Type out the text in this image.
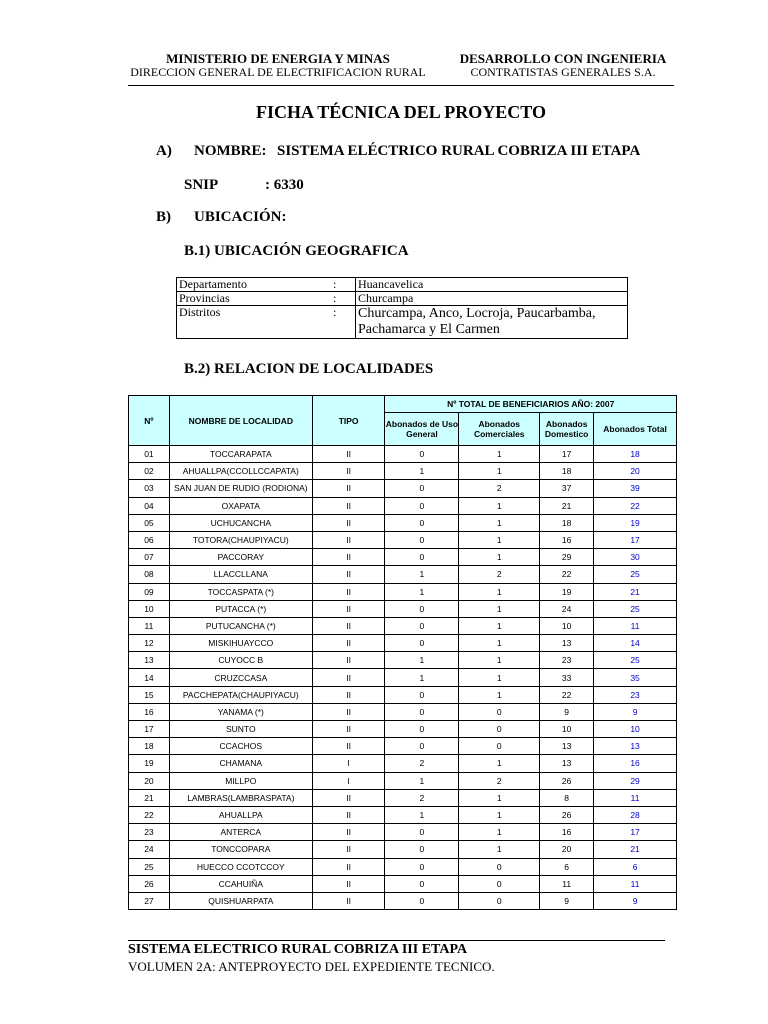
MINISTERIO DE ENERGIA Y MINAS
DIRECCION GENERAL DE ELECTRIFICACION RURAL
DESARROLLO CON INGENIERIA
CONTRATISTAS GENERALES S.A.
FICHA TÉCNICA DEL PROYECTO
A) NOMBRE: SISTEMA ELÉCTRICO RURAL COBRIZA III ETAPA
SNIP	: 6330
B) UBICACIÓN:
B.1) UBICACIÓN GEOGRAFICA
Departamento	:	Huancavelica
Provincias	:	Churcampa
Distritos	:	Churcampa, Anco, Locroja, Paucarbamba, Pachamarca y El Carmen
B.2) RELACION DE LOCALIDADES
Nº	NOMBRE DE LOCALIDAD	TIPO	Nº TOTAL DE BENEFICIARIOS AÑO: 2007			
			Abonados de Uso General	Abonados Comerciales	Abonados Domestico	Abonados Total
01	TOCCARAPATA	II	0	1	17	18
02	AHUALLPA(CCOLLCCAPATA)	II	1	1	18	20
03	SAN JUAN DE RUDIO (RODIONA)	II	0	2	37	39
04	OXAPATA	II	0	1	21	22
05	UCHUCANCHA	II	0	1	18	19
06	TOTORA(CHAUPIYACU)	II	0	1	16	17
07	PACCORAY	II	0	1	29	30
08	LLACCLLANA	II	1	2	22	25
09	TOCCASPATA (*)	II	1	1	19	21
10	PUTACCA (*)	II	0	1	24	25
11	PUTUCANCHA (*)	II	0	1	10	11
12	MISKIHUAYCCO	II	0	1	13	14
13	CUYOCC B	II	1	1	23	25
14	CRUZCCASA	II	1	1	33	35
15	PACCHEPATA(CHAUPIYACU)	II	0	1	22	23
16	YANAMA (*)	II	0	0	9	9
17	SUNTO	II	0	0	10	10
18	CCACHOS	II	0	0	13	13
19	CHAMANA	I	2	1	13	16
20	MILLPO	I	1	2	26	29
21	LAMBRAS(LAMBRASPATA)	II	2	1	8	11
22	AHUALLPA	II	1	1	26	28
23	ANTERCA	II	0	1	16	17
24	TONCCOPARA	II	0	1	20	21
25	HUECCO CCOTCCOY	II	0	0	6	6
26	CCAHUIÑA	II	0	0	11	11
27	QUISHUARPATA	II	0	0	9	9
SISTEMA ELECTRICO RURAL COBRIZA III ETAPA
VOLUMEN 2A: ANTEPROYECTO DEL EXPEDIENTE TECNICO.
